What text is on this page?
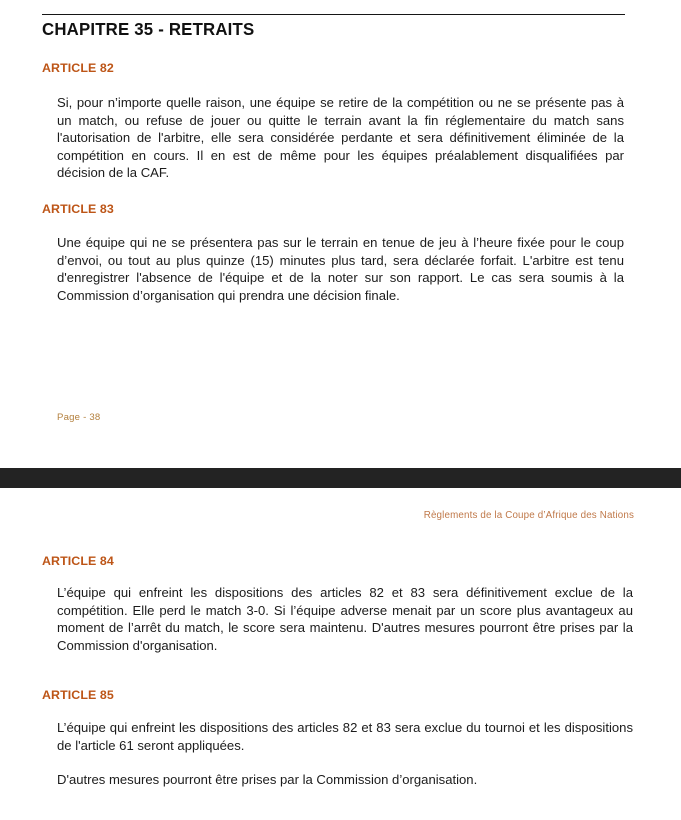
CHAPITRE 35 - RETRAITS
ARTICLE 82
Si, pour n’importe quelle raison, une équipe se retire de la compétition ou ne se présente pas à un match, ou refuse de jouer ou quitte le terrain avant la fin réglementaire du match sans l'autorisation de l'arbitre, elle sera considérée perdante et sera définitivement éliminée de la compétition en cours. Il en est de même pour les équipes préalablement disqualifiées par décision de la CAF.
ARTICLE 83
Une équipe qui ne se présentera pas sur le terrain en tenue de jeu à l’heure fixée pour le coup d’envoi, ou tout au plus quinze (15) minutes plus tard, sera déclarée forfait. L'arbitre est tenu d'enregistrer l'absence de l'équipe et de la noter sur son rapport. Le cas sera soumis à la Commission d’organisation qui prendra une décision finale.
Page - 38
Règlements de la Coupe d’Afrique des Nations
ARTICLE 84
L’équipe qui enfreint les dispositions des articles 82 et 83 sera définitivement exclue de la compétition. Elle perd le match 3-0. Si l’équipe adverse menait par un score plus avantageux au moment de l’arrêt du match, le score sera maintenu. D'autres mesures pourront être prises par la Commission d'organisation.
ARTICLE 85
L’équipe qui enfreint les dispositions des articles 82 et 83 sera exclue du tournoi et les dispositions de l'article 61 seront appliquées.
D'autres mesures pourront être prises par la Commission d’organisation.
